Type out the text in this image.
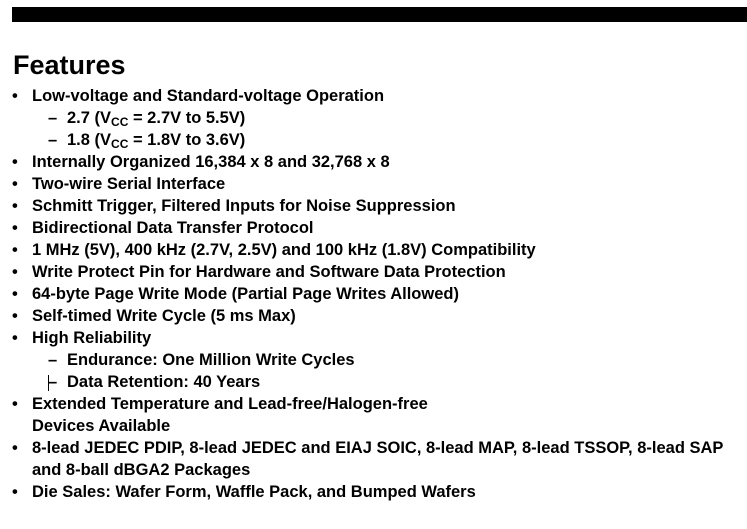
Features
• Low-voltage and Standard-voltage Operation
– 2.7 ($V_{CC} = 2.7V$ to 5.5V)
– 1.8 ($V_{CC} = 1.8V$ to 3.6V)
• Internally Organized 16,384 x 8 and 32,768 x 8
• Two-wire Serial Interface
• Schmitt Trigger, Filtered Inputs for Noise Suppression
• Bidirectional Data Transfer Protocol
• 1 MHz (5V), 400 kHz (2.7V, 2.5V) and 100 kHz (1.8V) Compatibility
• Write Protect Pin for Hardware and Software Data Protection
• 64-byte Page Write Mode (Partial Page Writes Allowed)
• Self-timed Write Cycle (5 ms Max)
• High Reliability
– Endurance: One Million Write Cycles
– Data Retention: 40 Years
• Extended Temperature and Lead-free/Halogen-free Devices Available
• 8-lead JEDEC PDIP, 8-lead JEDEC and EIAJ SOIC, 8-lead MAP, 8-lead TSSOP, 8-lead SAP and 8-ball dBGA2 Packages
• Die Sales: Wafer Form, Waffle Pack, and Bumped Wafers
